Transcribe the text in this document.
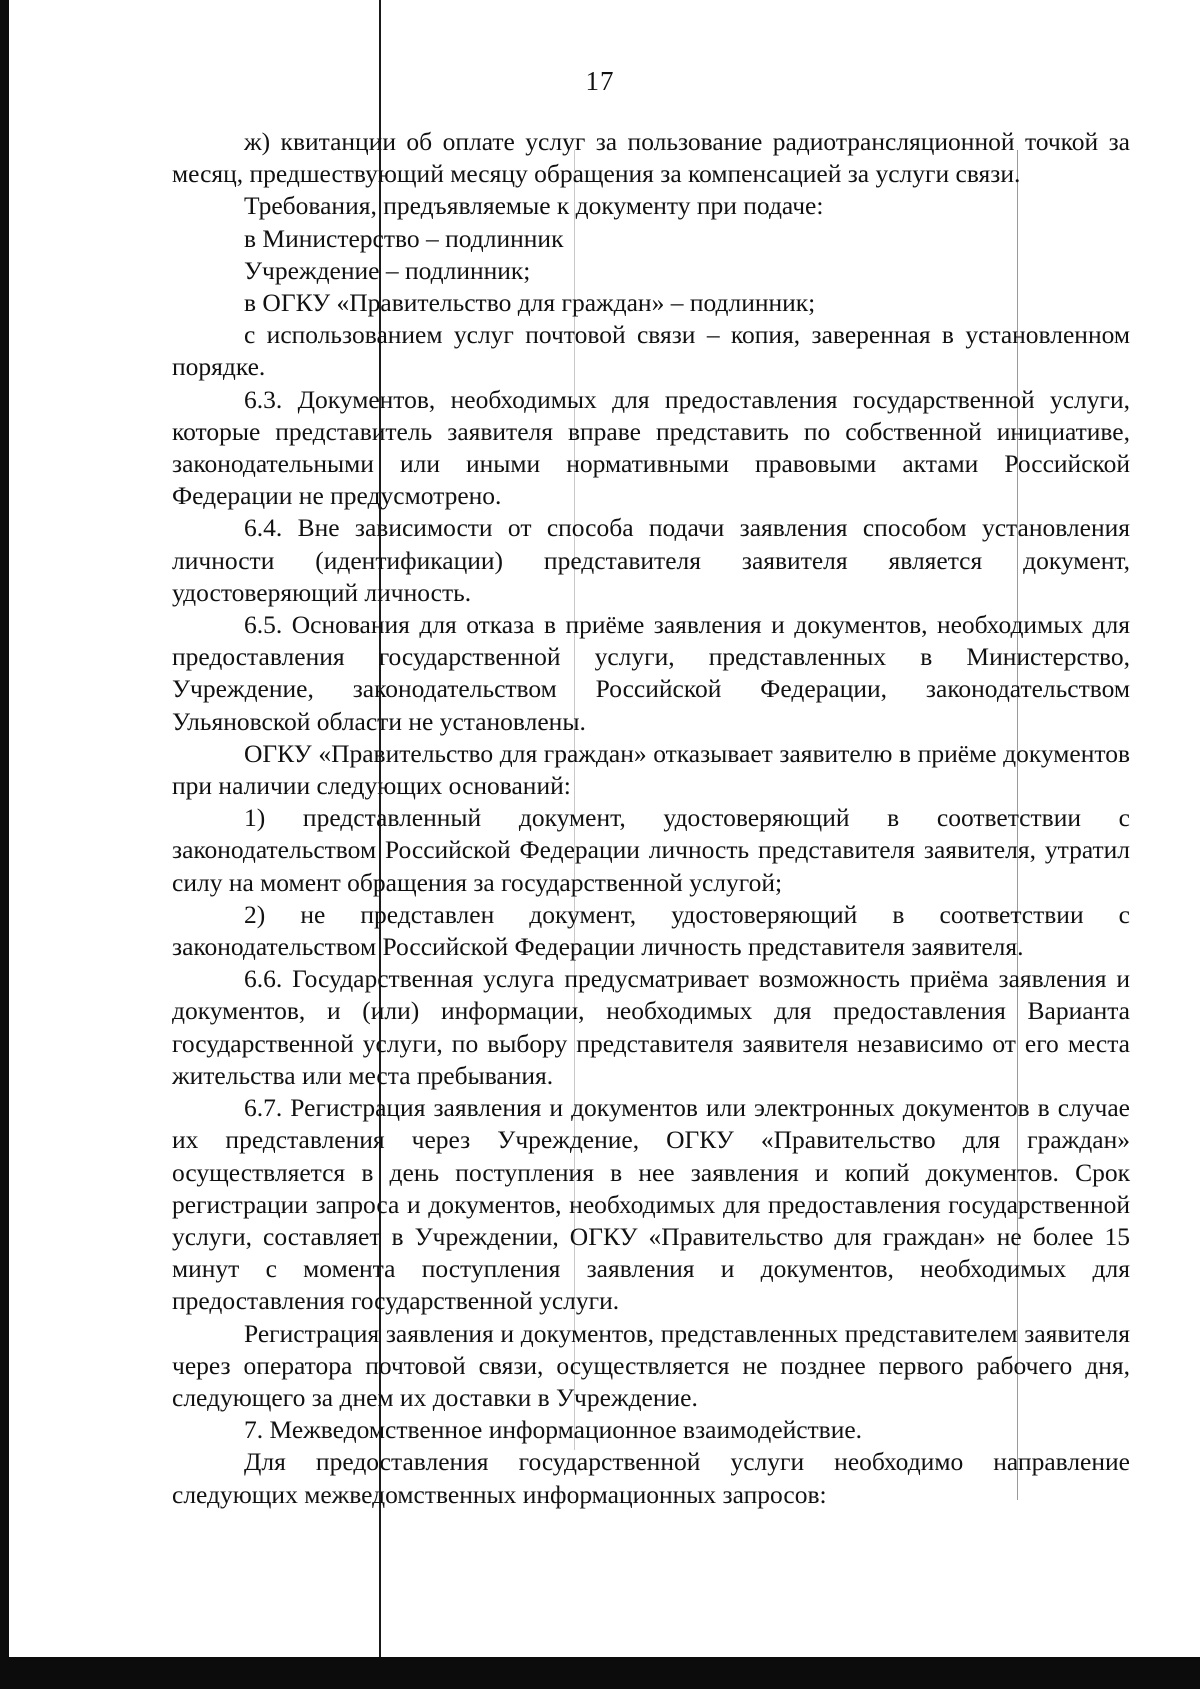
17

ж) квитанции об оплате услуг за пользование радиотрансляционной точкой за месяц, предшествующий месяцу обращения за компенсацией за услуги связи.

Требования, предъявляемые к документу при подаче:

в Министерство – подлинник

Учреждение – подлинник;

в ОГКУ «Правительство для граждан» – подлинник;

с использованием услуг почтовой связи – копия, заверенная в установленном порядке.

6.3. Документов, необходимых для предоставления государственной услуги, которые представитель заявителя вправе представить по собственной инициативе, законодательными или иными нормативными правовыми актами Российской Федерации не предусмотрено.

6.4. Вне зависимости от способа подачи заявления способом установления личности (идентификации) представителя заявителя является документ, удостоверяющий личность.

6.5. Основания для отказа в приёме заявления и документов, необходимых для предоставления государственной услуги, представленных в Министерство, Учреждение, законодательством Российской Федерации, законодательством Ульяновской области не установлены.

ОГКУ «Правительство для граждан» отказывает заявителю в приёме документов при наличии следующих оснований:

1) представленный документ, удостоверяющий в соответствии с законодательством Российской Федерации личность представителя заявителя, утратил силу на момент обращения за государственной услугой;

2) не представлен документ, удостоверяющий в соответствии с законодательством Российской Федерации личность представителя заявителя.

6.6. Государственная услуга предусматривает возможность приёма заявления и документов, и (или) информации, необходимых для предоставления Варианта государственной услуги, по выбору представителя заявителя независимо от его места жительства или места пребывания.

6.7. Регистрация заявления и документов или электронных документов в случае их представления через Учреждение, ОГКУ «Правительство для граждан» осуществляется в день поступления в нее заявления и копий документов. Срок регистрации запроса и документов, необходимых для предоставления государственной услуги, составляет в Учреждении, ОГКУ «Правительство для граждан» не более 15 минут с момента поступления заявления и документов, необходимых для предоставления государственной услуги.

Регистрация заявления и документов, представленных представителем заявителя через оператора почтовой связи, осуществляется не позднее первого рабочего дня, следующего за днем их доставки в Учреждение.

7. Межведомственное информационное взаимодействие.

Для предоставления государственной услуги необходимо направление следующих межведомственных информационных запросов:
